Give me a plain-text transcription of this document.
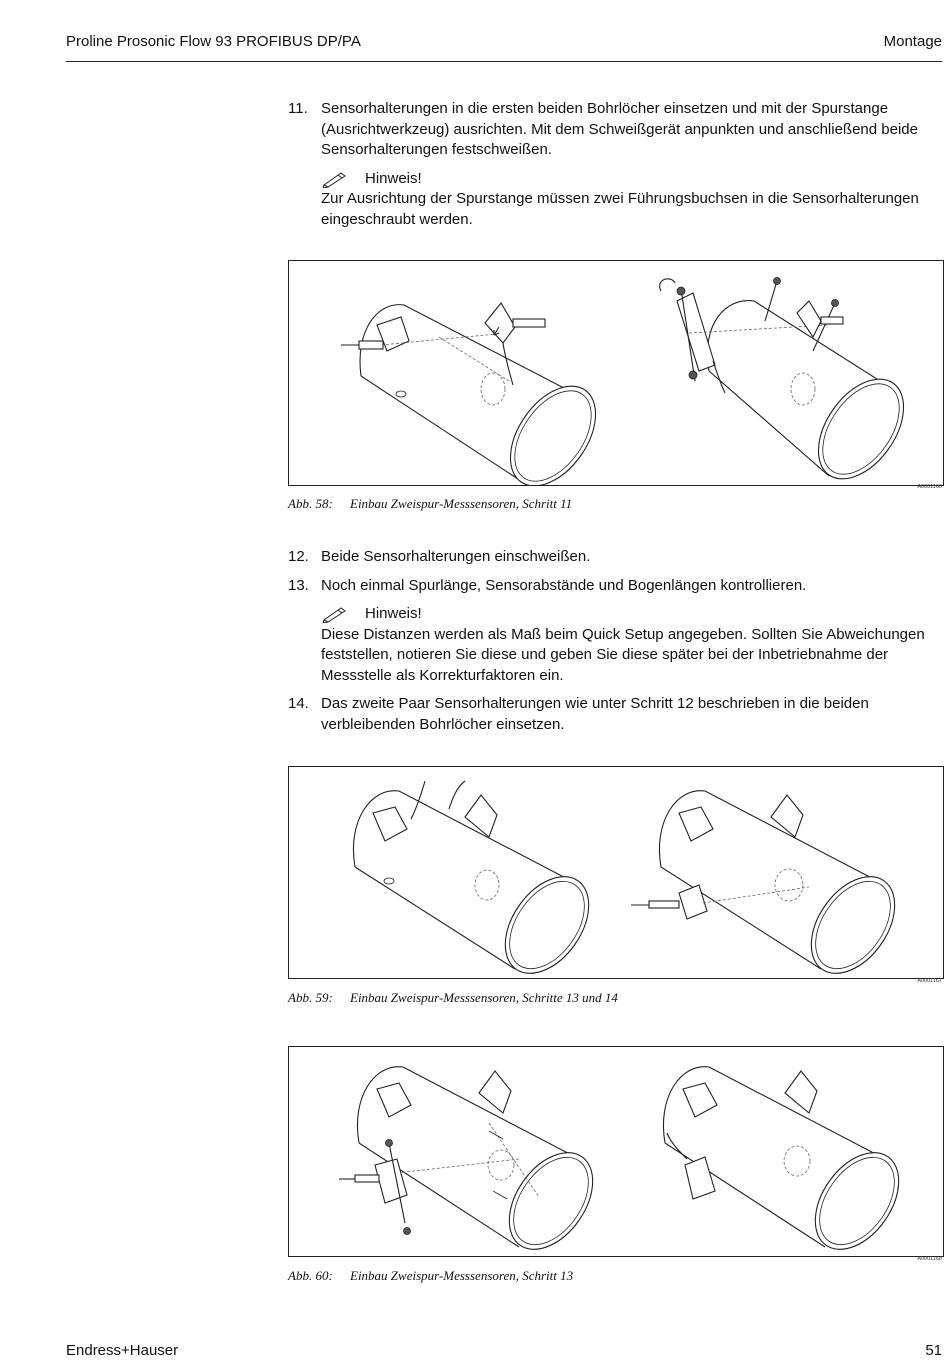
Proline Prosonic Flow 93 PROFIBUS DP/PA	Montage
11. Sensorhalterungen in die ersten beiden Bohrlöcher einsetzen und mit der Spurstange (Ausrichtwerkzeug) ausrichten. Mit dem Schweißgerät anpunkten und anschließend beide Sensorhalterungen festschweißen.
Hinweis!
Zur Ausrichtung der Spurstange müssen zwei Führungsbuchsen in die Sensorhalterungen eingeschraubt werden.
A0001166
Abb. 58: Einbau Zweispur-Messsensoren, Schritt 11
12. Beide Sensorhalterungen einschweißen.
13. Noch einmal Spurlänge, Sensorabstände und Bogenlängen kontrollieren.
Hinweis!
Diese Distanzen werden als Maß beim Quick Setup angegeben. Sollten Sie Abweichungen feststellen, notieren Sie diese und geben Sie diese später bei der Inbetriebnahme der Messstelle als Korrekturfaktoren ein.
14. Das zweite Paar Sensorhalterungen wie unter Schritt 12 beschrieben in die beiden verbleibenden Bohrlöcher einsetzen.
A0001167
Abb. 59: Einbau Zweispur-Messsensoren, Schritte 13 und 14
A0001168
Abb. 60: Einbau Zweispur-Messsensoren, Schritt 13
Endress+Hauser	51
